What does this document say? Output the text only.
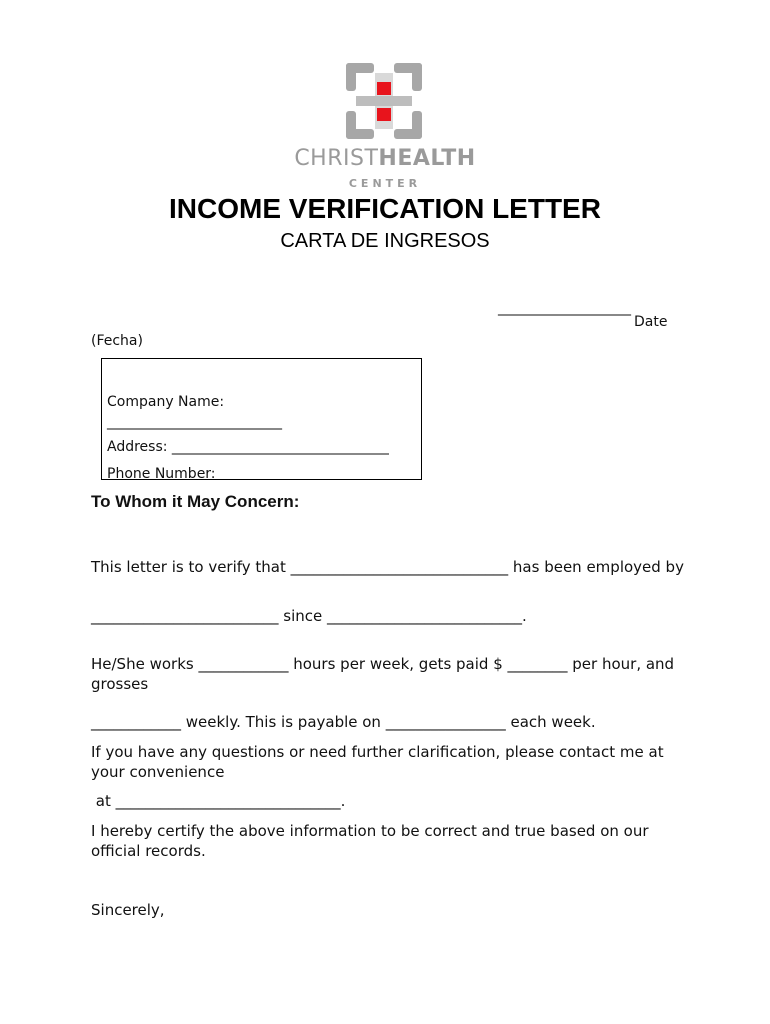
CHRISTHEALTH
CENTER
INCOME VERIFICATION LETTER
CARTA DE INGRESOS
___________________
Date
(Fecha)
Company Name:
_________________________
Address: _______________________________
Phone Number:
To Whom it May Concern:
This letter is to verify that _____________________________ has been employed by
_________________________ since __________________________.
He/She works ____________ hours per week, gets paid $ ________ per hour, and grosses
____________ weekly. This is payable on ________________ each week.
If you have any questions or need further clarification, please contact me at your convenience
at ______________________________.
I hereby certify the above information to be correct and true based on our official records.
Sincerely,
